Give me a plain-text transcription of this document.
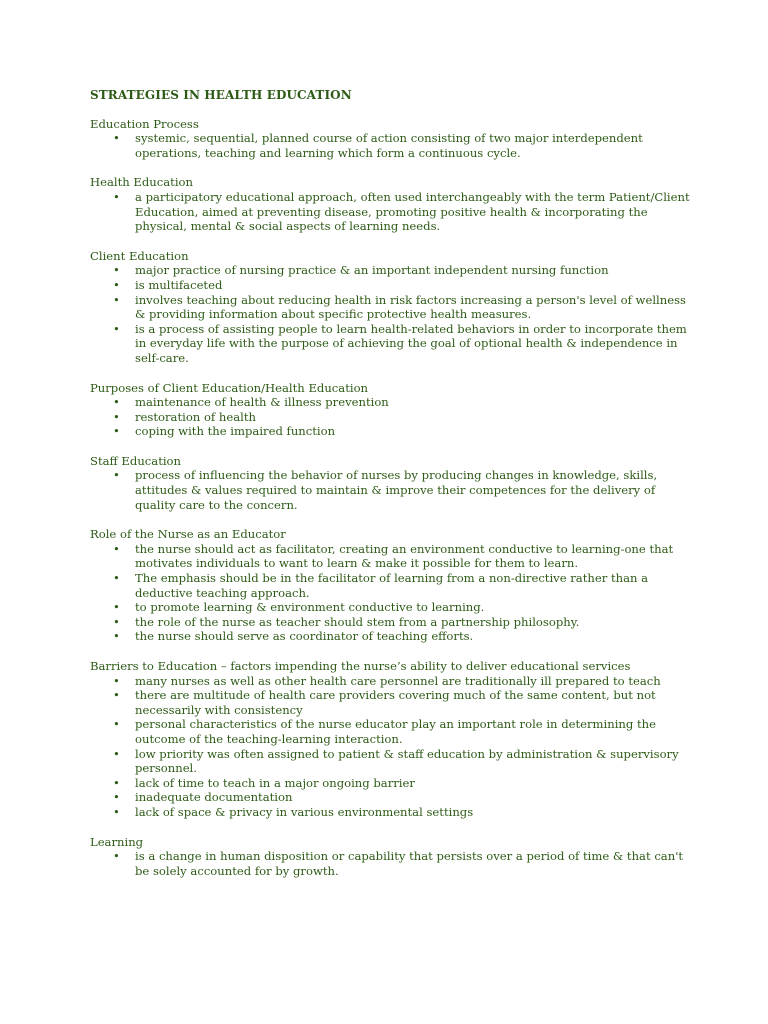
STRATEGIES IN HEALTH EDUCATION
Education Process
• systemic, sequential, planned course of action consisting of two major interdependent operations, teaching and learning which form a continuous cycle.
Health Education
• a participatory educational approach, often used interchangeably with the term Patient/Client Education, aimed at preventing disease, promoting positive health & incorporating the physical, mental & social aspects of learning needs.
Client Education
• major practice of nursing practice & an important independent nursing function
• is multifaceted
• involves teaching about reducing health in risk factors increasing a person's level of wellness & providing information about specific protective health measures.
• is a process of assisting people to learn health-related behaviors in order to incorporate them in everyday life with the purpose of achieving the goal of optional health & independence in self-care.
Purposes of Client Education/Health Education
• maintenance of health & illness prevention
• restoration of health
• coping with the impaired function
Staff Education
• process of influencing the behavior of nurses by producing changes in knowledge, skills, attitudes & values required to maintain & improve their competences for the delivery of quality care to the concern.
Role of the Nurse as an Educator
• the nurse should act as facilitator, creating an environment conductive to learning-one that motivates individuals to want to learn & make it possible for them to learn.
• The emphasis should be in the facilitator of learning from a non-directive rather than a deductive teaching approach.
• to promote learning & environment conductive to learning.
• the role of the nurse as teacher should stem from a partnership philosophy.
• the nurse should serve as coordinator of teaching efforts.
Barriers to Education – factors impending the nurse’s ability to deliver educational services
• many nurses as well as other health care personnel are traditionally ill prepared to teach
• there are multitude of health care providers covering much of the same content, but not necessarily with consistency
• personal characteristics of the nurse educator play an important role in determining the outcome of the teaching-learning interaction.
• low priority was often assigned to patient & staff education by administration & supervisory personnel.
• lack of time to teach in a major ongoing barrier
• inadequate documentation
• lack of space & privacy in various environmental settings
Learning
• is a change in human disposition or capability that persists over a period of time & that can't be solely accounted for by growth.
